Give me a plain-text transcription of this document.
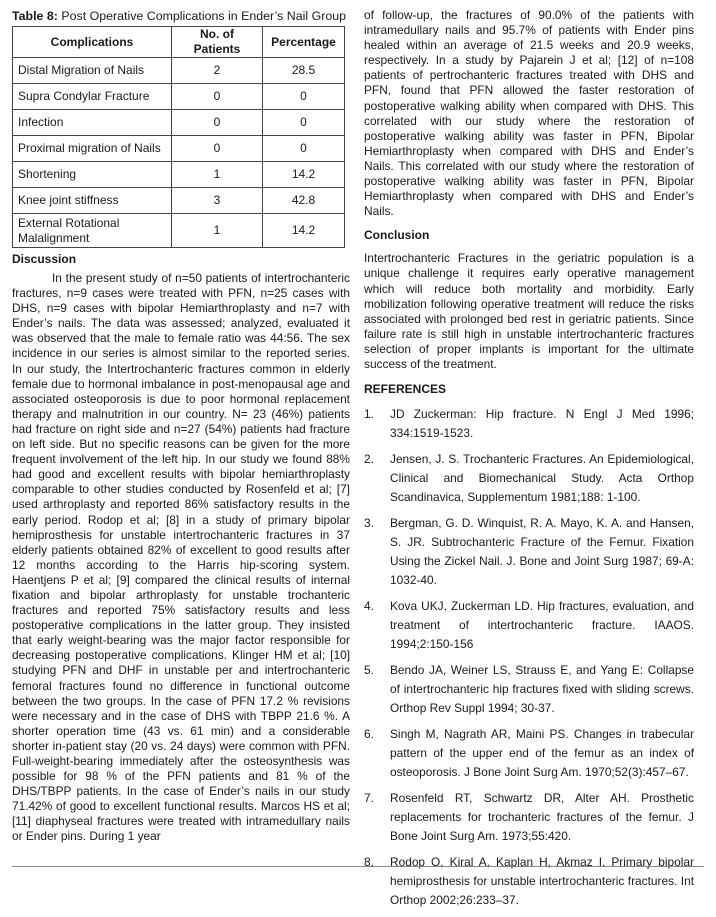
Table 8: Post Operative Complications in Ender’s Nail Group
Complications	No. of Patients	Percentage
Distal Migration of Nails	2	28.5
Supra Condylar Fracture	0	0
Infection	0	0
Proximal migration of Nails	0	0
Shortening	1	14.2
Knee joint stiffness	3	42.8
External Rotational Malalignment	1	14.2
Discussion

In the present study of n=50 patients of intertrochanteric fractures, n=9 cases were treated with PFN, n=25 cases with DHS, n=9 cases with bipolar Hemiarthroplasty and n=7 with Ender’s nails. The data was assessed; analyzed, evaluated it was observed that the male to female ratio was 44:56. The sex incidence in our series is almost similar to the reported series. In our study, the Intertrochanteric fractures common in elderly female due to hormonal imbalance in post-menopausal age and associated osteoporosis is due to poor hormonal replacement therapy and malnutrition in our country. N= 23 (46%) patients had fracture on right side and n=27 (54%) patients had fracture on left side. But no specific reasons can be given for the more frequent involvement of the left hip. In our study we found 88% had good and excellent results with bipolar hemiarthroplasty comparable to other studies conducted by Rosenfeld et al; [7] used arthroplasty and reported 86% satisfactory results in the early period. Rodop et al; [8] in a study of primary bipolar hemiprosthesis for unstable intertrochanteric fractures in 37 elderly patients obtained 82% of excellent to good results after 12 months according to the Harris hip-scoring system. Haentjens P et al; [9] compared the clinical results of internal fixation and bipolar arthroplasty for unstable trochanteric fractures and reported 75% satisfactory results and less postoperative complications in the latter group. They insisted that early weight-bearing was the major factor responsible for decreasing postoperative complications. Klinger HM et al; [10] studying PFN and DHF in unstable per and intertrochanteric femoral fractures found no difference in functional outcome between the two groups. In the case of PFN 17.2 % revisions were necessary and in the case of DHS with TBPP 21.6 %. A shorter operation time (43 vs. 61 min) and a considerable shorter in-patient stay (20 vs. 24 days) were common with PFN. Full-weight-bearing immediately after the osteosynthesis was possible for 98 % of the PFN patients and 81 % of the DHS/TBPP patients. In the case of Ender’s nails in our study 71.42% of good to excellent functional results. Marcos HS et al; [11] diaphyseal fractures were treated with intramedullary nails or Ender pins. During 1 year

of follow-up, the fractures of 90.0% of the patients with intramedullary nails and 95.7% of patients with Ender pins healed within an average of 21.5 weeks and 20.9 weeks, respectively. In a study by Pajarein J et al; [12] of n=108 patients of pertrochanteric fractures treated with DHS and PFN, found that PFN allowed the faster restoration of postoperative walking ability when compared with DHS. This correlated with our study where the restoration of postoperative walking ability was faster in PFN, Bipolar Hemiarthroplasty when compared with DHS and Ender’s Nails. This correlated with our study where the restoration of postoperative walking ability was faster in PFN, Bipolar Hemiarthroplasty when compared with DHS and Ender’s Nails.

Conclusion

Intertrochanteric Fractures in the geriatric population is a unique challenge it requires early operative management which will reduce both mortality and morbidity. Early mobilization following operative treatment will reduce the risks associated with prolonged bed rest in geriatric patients. Since failure rate is still high in unstable intertrochanteric fractures selection of proper implants is important for the ultimate success of the treatment.

REFERENCES
1.	JD Zuckerman: Hip fracture. N Engl J Med 1996; 334:1519-1523.
2.	Jensen, J. S. Trochanteric Fractures. An Epidemiological, Clinical and Biomechanical Study. Acta Orthop Scandinavica, Supplementum 1981;188: 1-100.
3.	Bergman, G. D. Winquist, R. A. Mayo, K. A. and Hansen, S. JR. Subtrochanteric Fracture of the Femur. Fixation Using the Zickel Nail. J. Bone and Joint Surg 1987; 69-A: 1032-40.
4.	Kova UKJ, Zuckerman LD. Hip fractures, evaluation, and treatment of intertrochanteric fracture. IAAOS. 1994;2:150-156
5.	Bendo JA, Weiner LS, Strauss E, and Yang E: Collapse of intertrochanteric hip fractures fixed with sliding screws. Orthop Rev Suppl 1994; 30-37.
6.	Singh M, Nagrath AR, Maini PS. Changes in trabecular pattern of the upper end of the femur as an index of osteoporosis. J Bone Joint Surg Am. 1970;52(3):457–67.
7.	Rosenfeld RT, Schwartz DR, Alter AH. Prosthetic replacements for trochanteric fractures of the femur. J Bone Joint Surg Am. 1973;55:420.
8.	Rodop O, Kiral A, Kaplan H, Akmaz I. Primary bipolar hemiprosthesis for unstable intertrochanteric fractures. Int Orthop 2002;26:233–37.
